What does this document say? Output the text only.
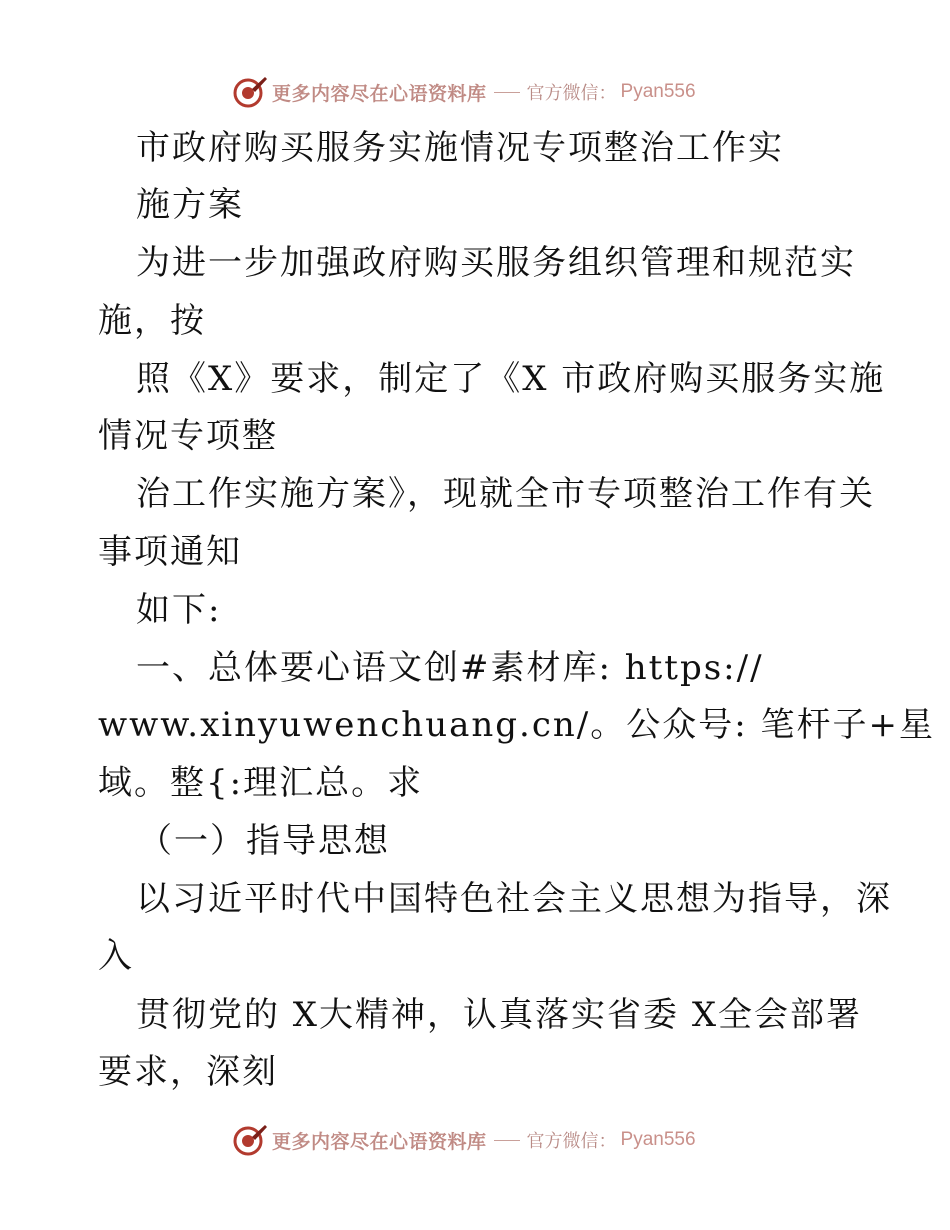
更多内容尽在心语资料库 官方微信： Pyan556
市政府购买服务实施情况专项整治工作实
施方案
为进一步加强政府购买服务组织管理和规范实
施，按
照《X》要求，制定了《X 市政府购买服务实施
情况专项整
治工作实施方案》，现就全市专项整治工作有关
事项通知
如下:
一、总体要心语文创#素材库: https://
www.xinyuwenchuang.cn/。公众号: 笔杆子+星
域。整{:理汇总。求
（一）指导思想
以习近平时代中国特色社会主义思想为指导，深
入
贯彻党的 X大精神，认真落实省委 X全会部署
要求，深刻
更多内容尽在心语资料库 官方微信： Pyan556
